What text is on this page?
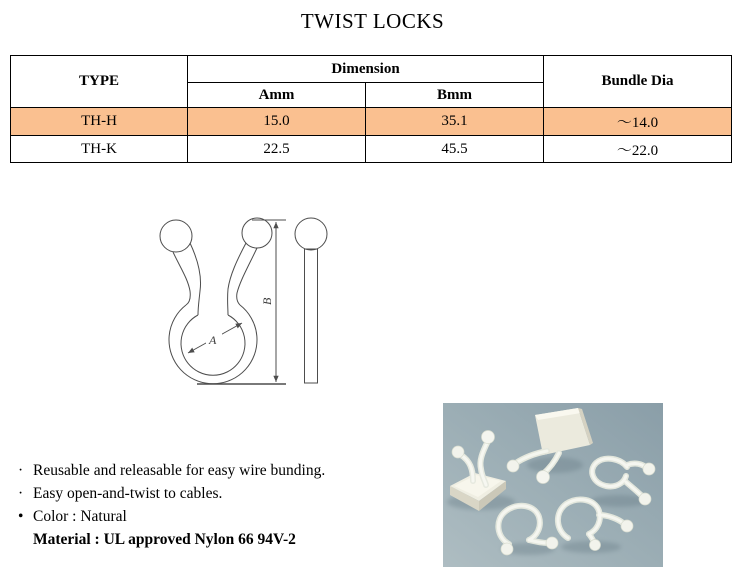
TWIST LOCKS
TYPE	Dimension		Bundle Dia
	Amm	Bmm	
TH-H	15.0	35.1	～14.0
TH-K	22.5	45.5	～22.0
A
B
· Reusable and releasable for easy wire bunding.
· Easy open-and-twist to cables.
• Color : Natural
Material : UL approved Nylon 66 94V-2
